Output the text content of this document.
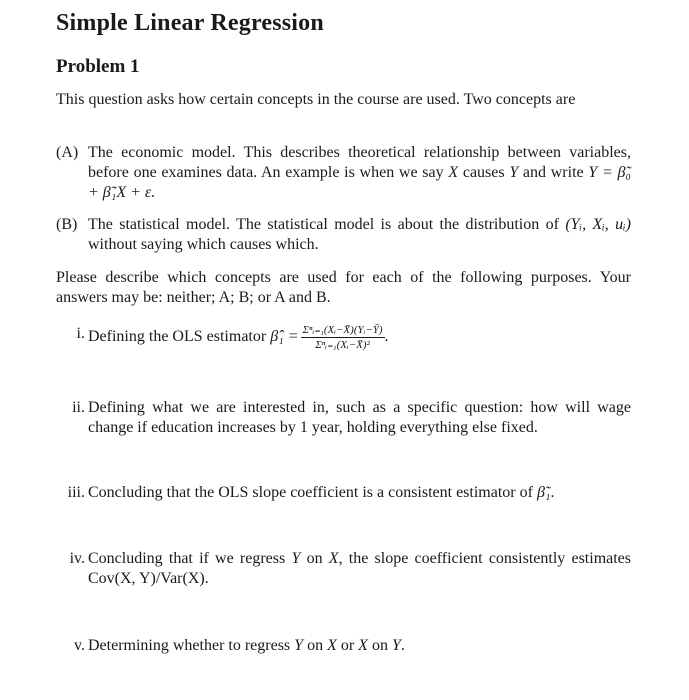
Simple Linear Regression
Problem 1
This question asks how certain concepts in the course are used. Two concepts are
(A) The economic model. This describes theoretical relationship between variables, before one examines data. An example is when we say X causes Y and write Y = β̃₀ + β̃₁X + ε.
(B) The statistical model. The statistical model is about the distribution of (Yᵢ, Xᵢ, uᵢ) without saying which causes which.
Please describe which concepts are used for each of the following purposes. Your answers may be: neither; A; B; or A and B.
i. Defining the OLS estimator β̂₁ = $\frac{\text{Σⁿᵢ₌₁(Xᵢ−X̄)(Yᵢ−Ȳ)}}{\text{Σⁿᵢ₌₁(Xᵢ−X̄)²}}$ .
ii. Defining what we are interested in, such as a specific question: how will wage change if education increases by 1 year, holding everything else fixed.
iii. Concluding that the OLS slope coefficient is a consistent estimator of β̃₁.
iv. Concluding that if we regress Y on X, the slope coefficient consistently estimates Cov(X, Y)/Var(X).
v. Determining whether to regress Y on X or X on Y.
